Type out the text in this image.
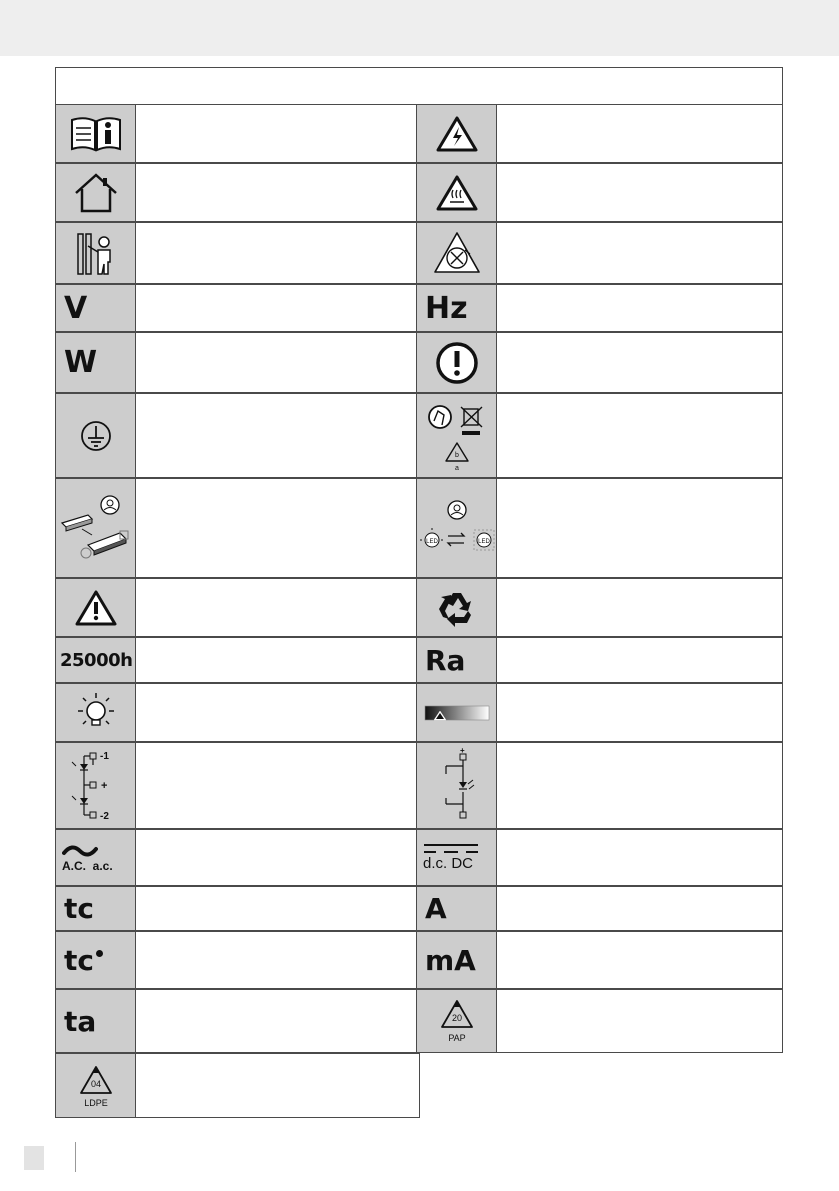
V
W
25000h
-1
+
-2
A.C.  a.c.
tc
tc
ta
04
LDPE
Hz
b
a
LED	LED
Ra
+
d.c. DC
A
mA
20
PAP
